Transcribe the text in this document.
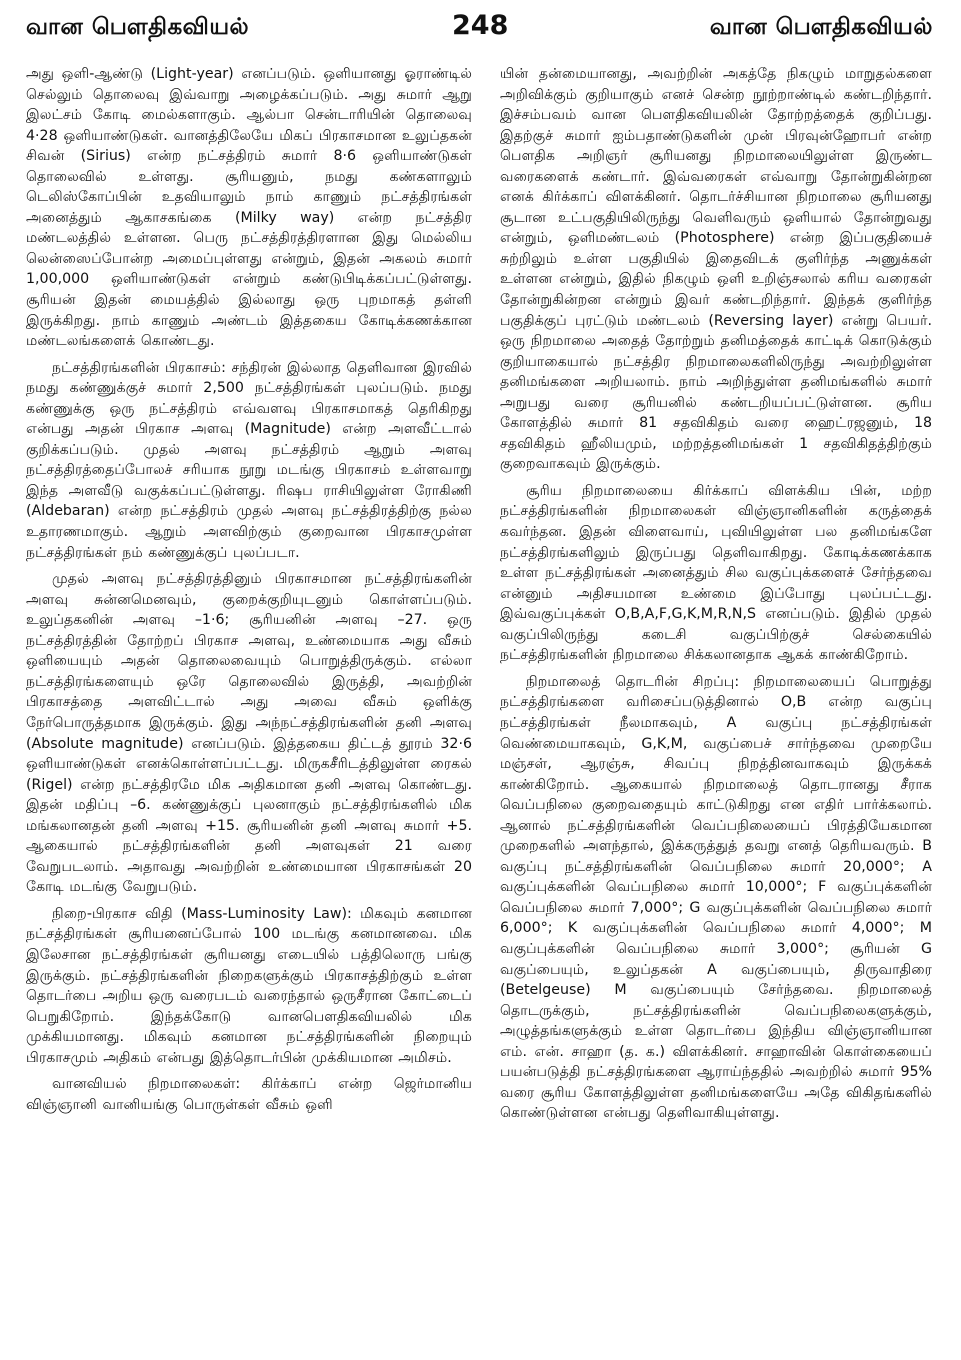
வான பௌதிகவியல்	248	வான பௌதிகவியல்

அது ஒளி-ஆண்டு (Light-year) எனப்படும். ஒளியானது ஓராண்டில் செல்லும் தொலைவு இவ்வாறு அழைக்கப்படும். அது சுமார் ஆறு இலட்சம் கோடி மைல்களாகும். ஆல்பா சென்டாரியின் தொலைவு 4·28 ஒளியாண்டுகள். வானத்திலேயே மிகப் பிரகாசமான உலுப்தகன் சிவன் (Sirius) என்ற நட்சத்திரம் சுமார் 8·6 ஒளியாண்டுகள் தொலைவில் உள்ளது. சூரியனும், நமது கண்களாலும் டெலிஸ்கோப்பின் உதவியாலும் நாம் காணும் நட்சத்திரங்கள் அனைத்தும் ஆகாசகங்கை (Milky way) என்ற நட்சத்திர மண்டலத்தில் உள்ளன. பெரு நட்சத்திரத்திரளான இது மெல்லிய லென்ஸைப்போன்ற அமைப்புள்ளது என்றும், இதன் அகலம் சுமார் 1,00,000 ஒளியாண்டுகள் என்றும் கண்டுபிடிக்கப்பட்டுள்ளது. சூரியன் இதன் மையத்தில் இல்லாது ஒரு புறமாகத் தள்ளி இருக்கிறது. நாம் காணும் அண்டம் இத்தகைய கோடிக்கணக்கான மண்டலங்களைக் கொண்டது.

நட்சத்திரங்களின் பிரகாசம்: சந்திரன் இல்லாத தெளிவான இரவில் நமது கண்ணுக்குச் சுமார் 2,500 நட்சத்திரங்கள் புலப்படும். நமது கண்ணுக்கு ஒரு நட்சத்திரம் எவ்வளவு பிரகாசமாகத் தெரிகிறது என்பது அதன் பிரகாச அளவு (Magnitude) என்ற அளவீட்டால் குறிக்கப்படும். முதல் அளவு நட்சத்திரம் ஆறும் அளவு நட்சத்திரத்தைப்போலச் சரியாக நூறு மடங்கு பிரகாசம் உள்ளவாறு இந்த அளவீடு வகுக்கப்பட்டுள்ளது. ரிஷப ராசியிலுள்ள ரோகிணி (Aldebaran) என்ற நட்சத்திரம் முதல் அளவு நட்சத்திரத்திற்கு நல்ல உதாரணமாகும். ஆறும் அளவிற்கும் குறைவான பிரகாசமுள்ள நட்சத்திரங்கள் நம் கண்ணுக்குப் புலப்படா.

முதல் அளவு நட்சத்திரத்தினும் பிரகாசமான நட்சத்திரங்களின் அளவு சுன்னமெனவும், குறைக்குறியுடனும் கொள்ளப்படும். உலுப்தகனின் அளவு –1·6; சூரியனின் அளவு –27. ஒரு நட்சத்திரத்தின் தோற்றப் பிரகாச அளவு, உண்மையாக அது வீசும் ஒளியையும் அதன் தொலைவையும் பொறுத்திருக்கும். எல்லா நட்சத்திரங்களையும் ஒரே தொலைவில் இருத்தி, அவற்றின் பிரகாசத்தை அளவிட்டால் அது அவை வீசும் ஒளிக்கு நேர்பொருத்தமாக இருக்கும். இது அந்நட்சத்திரங்களின் தனி அளவு (Absolute magnitude) எனப்படும். இத்தகைய திட்டத் தூரம் 32·6 ஒளியாண்டுகள் எனக்கொள்ளப்பட்டது. மிருகசீரிடத்திலுள்ள ரைகல் (Rigel) என்ற நட்சத்திரமே மிக அதிகமான தனி அளவு கொண்டது. இதன் மதிப்பு –6. கண்ணுக்குப் புலனாகும் நட்சத்திரங்களில் மிக மங்கலானதன் தனி அளவு +15. சூரியனின் தனி அளவு சுமார் +5. ஆகையால் நட்சத்திரங்களின் தனி அளவுகள் 21 வரை வேறுபடலாம். அதாவது அவற்றின் உண்மையான பிரகாசங்கள் 20 கோடி மடங்கு வேறுபடும்.

நிறை-பிரகாச விதி (Mass-Luminosity Law): மிகவும் கனமான நட்சத்திரங்கள் சூரியனைப்போல் 100 மடங்கு கனமானவை. மிக இலேசான நட்சத்திரங்கள் சூரியனது எடையில் பத்திலொரு பங்கு இருக்கும். நட்சத்திரங்களின் நிறைகளுக்கும் பிரகாசத்திற்கும் உள்ள தொடர்பை அறிய ஒரு வரைபடம் வரைந்தால் ஒருசீரான கோட்டைப் பெறுகிறோம். இந்தக்கோடு வானபௌதிகவியலில் மிக முக்கியமானது. மிகவும் கனமான நட்சத்திரங்களின் நிறையும் பிரகாசமும் அதிகம் என்பது இத்தொடர்பின் முக்கியமான அமிசம்.

வானவியல் நிறமாலைகள்: கிர்க்காப் என்ற ஜெர்மானிய விஞ்ஞானி வானியங்கு பொருள்கள் வீசும் ஒளி

யின் தன்மையானது, அவற்றின் அகத்தே நிகழும் மாறுதல்களை அறிவிக்கும் குறியாகும் எனச் சென்ற நூற்றாண்டில் கண்டறிந்தார். இச்சம்பவம் வான பௌதிகவியலின் தோற்றத்தைக் குறிப்பது. இதற்குச் சுமார் ஐம்பதாண்டுகளின் முன் பிரவுன்ஹோபர் என்ற பௌதிக அறிஞர் சூரியனது நிறமாலையிலுள்ள இருண்ட வரைகளைக் கண்டார். இவ்வரைகள் எவ்வாறு தோன்றுகின்றன எனக் கிர்க்காப் விளக்கினர். தொடர்ச்சியான நிறமாலை சூரியனது சூடான உட்பகுதியிலிருந்து வெளிவரும் ஒளியால் தோன்றுவது என்றும், ஒளிமண்டலம் (Photosphere) என்ற இப்பகுதியைச் சுற்றிலும் உள்ள பகுதியில் இதைவிடக் குளிர்ந்த அணுக்கள் உள்ளன என்றும், இதில் நிகழும் ஒளி உறிஞ்சலால் கரிய வரைகள் தோன்றுகின்றன என்றும் இவர் கண்டறிந்தார். இந்தக் குளிர்ந்த பகுதிக்குப் புரட்டும் மண்டலம் (Reversing layer) என்று பெயர். ஒரு நிறமாலை அதைத் தோற்றும் தனிமத்தைக் காட்டிக் கொடுக்கும் குறியாகையால் நட்சத்திர நிறமாலைகளிலிருந்து அவற்றிலுள்ள தனிமங்களை அறியலாம். நாம் அறிந்துள்ள தனிமங்களில் சுமார் அறுபது வரை சூரியனில் கண்டறியப்பட்டுள்ளன. சூரிய கோளத்தில் சுமார் 81 சதவிகிதம் வரை ஹைட்ரஜனும், 18 சதவிகிதம் ஹீலியமும், மற்றத்தனிமங்கள் 1 சதவிகிதத்திற்கும் குறைவாகவும் இருக்கும்.

சூரிய நிறமாலையை கிர்க்காப் விளக்கிய பின், மற்ற நட்சத்திரங்களின் நிறமாலைகள் விஞ்ஞானிகளின் கருத்தைக் கவர்ந்தன. இதன் விளைவாய், புவியிலுள்ள பல தனிமங்களே நட்சத்திரங்களிலும் இருப்பது தெளிவாகிறது. கோடிக்கணக்காக உள்ள நட்சத்திரங்கள் அனைத்தும் சில வகுப்புக்களைச் சேர்ந்தவை என்னும் அதிசயமான உண்மை இப்போது புலப்பட்டது. இவ்வகுப்புக்கள் O,B,A,F,G,K,M,R,N,S எனப்படும். இதில் முதல் வகுப்பிலிருந்து கடைசி வகுப்பிற்குச் செல்கையில் நட்சத்திரங்களின் நிறமாலை சிக்கலானதாக ஆகக் காண்கிறோம்.

நிறமாலைத் தொடரின் சிறப்பு: நிறமாலையைப் பொறுத்து நட்சத்திரங்களை வரிசைப்படுத்தினால் O,B என்ற வகுப்பு நட்சத்திரங்கள் நீலமாகவும், A வகுப்பு நட்சத்திரங்கள் வெண்மையாகவும், G,K,M, வகுப்பைச் சார்ந்தவை முறையே மஞ்சள், ஆரஞ்சு, சிவப்பு நிறத்தினவாகவும் இருக்கக் காண்கிறோம். ஆகையால் நிறமாலைத் தொடரானது சீராக வெப்பநிலை குறைவதையும் காட்டுகிறது என எதிர் பார்க்கலாம். ஆனால் நட்சத்திரங்களின் வெப்பநிலையைப் பிரத்தியேகமான முறைகளில் அளந்தால், இக்கருத்துத் தவறு எனத் தெரியவரும். B வகுப்பு நட்சத்திரங்களின் வெப்பநிலை சுமார் 20,000°; A வகுப்புக்களின் வெப்பநிலை சுமார் 10,000°; F வகுப்புக்களின் வெப்பநிலை சுமார் 7,000°; G வகுப்புக்களின் வெப்பநிலை சுமார் 6,000°; K வகுப்புக்களின் வெப்பநிலை சுமார் 4,000°; M வகுப்புக்களின் வெப்பநிலை சுமார் 3,000°; சூரியன் G வகுப்பையும், உலுப்தகன் A வகுப்பையும், திருவாதிரை (Betelgeuse) M வகுப்பையும் சேர்ந்தவை. நிறமாலைத் தொடருக்கும், நட்சத்திரங்களின் வெப்பநிலைகளுக்கும், அழுத்தங்களுக்கும் உள்ள தொடர்பை இந்திய விஞ்ஞானியான எம். என். சாஹா (த. க.) விளக்கினர். சாஹாவின் கொள்கையைப் பயன்படுத்தி நட்சத்திரங்களை ஆராய்ந்ததில் அவற்றில் சுமார் 95% வரை சூரிய கோளத்திலுள்ள தனிமங்களையே அதே விகிதங்களில் கொண்டுள்ளன என்பது தெளிவாகியுள்ளது.
